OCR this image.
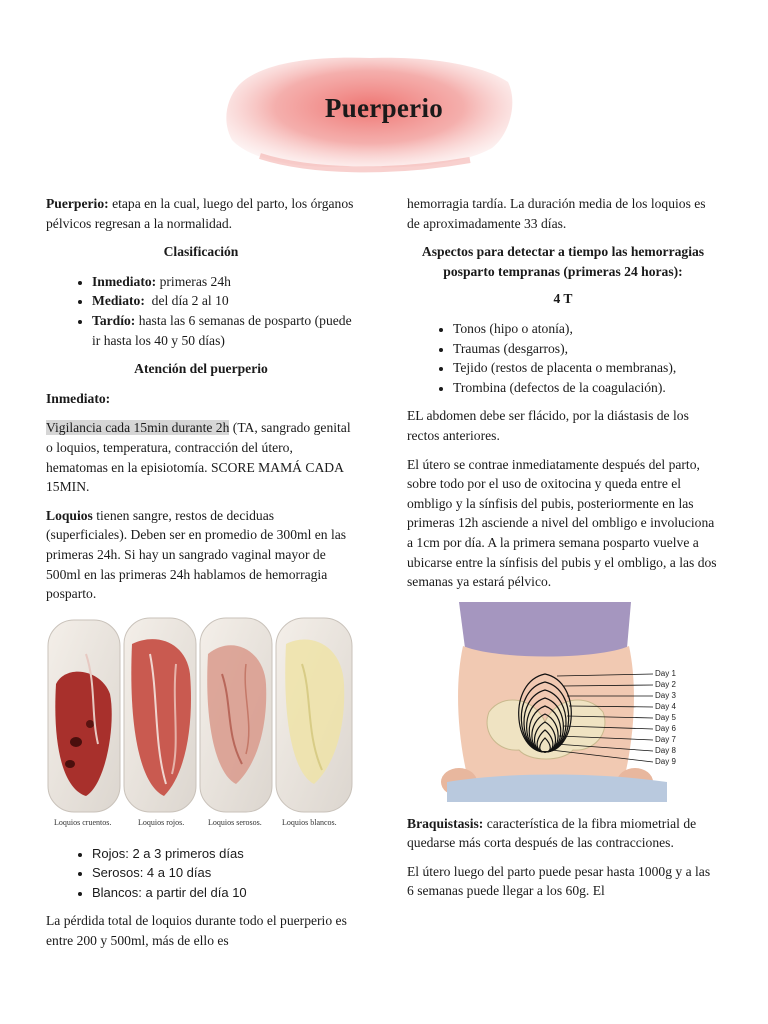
Puerperio

Puerperio: etapa en la cual, luego del parto, los órganos pélvicos regresan a la normalidad.

Clasificación
• Inmediato: primeras 24h
• Mediato:  del día 2 al 10
• Tardío: hasta las 6 semanas de posparto (puede ir hasta los 40 y 50 días)
Atención del puerperio
Inmediato:

Vigilancia cada 15min durante 2h (TA, sangrado genital o loquios, temperatura, contracción del útero, hematomas en la episiotomía. SCORE MAMÁ CADA 15MIN.

Loquios tienen sangre, restos de deciduas (superficiales). Deben ser en promedio de 300ml en las primeras 24h. Si hay un sangrado vaginal mayor de 500ml en las primeras 24h hablamos de hemorragia posparto.

Loquios cruentos.	Loquios rojos.	Loquios serosos.	Loquios blancos.
• Rojos: 2 a 3 primeros días
• Serosos: 4 a 10 días
• Blancos: a partir del día 10

La pérdida total de loquios durante todo el puerperio es entre 200 y 500ml, más de ello es

hemorragia tardía. La duración media de los loquios es de aproximadamente 33 días.

Aspectos para detectar a tiempo las hemorragias posparto tempranas (primeras 24 horas):
4 T
• Tonos (hipo o atonía),
• Traumas (desgarros),
• Tejido (restos de placenta o membranas),
• Trombina (defectos de la coagulación).

EL abdomen debe ser flácido, por la diástasis de los rectos anteriores.

El útero se contrae inmediatamente después del parto, sobre todo por el uso de oxitocina y queda entre el ombligo y la sínfisis del pubis, posteriormente en las primeras 12h asciende a nivel del ombligo e involuciona a 1cm por día. A la primera semana posparto vuelve a ubicarse entre la sínfisis del pubis y el ombligo, a las dos semanas ya estará pélvico.

Day 1
Day 2
Day 3
Day 4
Day 5
Day 6
Day 7
Day 8
Day 9

Braquistasis: característica de la fibra miometrial de quedarse más corta después de las contracciones.

El útero luego del parto puede pesar hasta 1000g y a las 6 semanas puede llegar a los 60g. El
